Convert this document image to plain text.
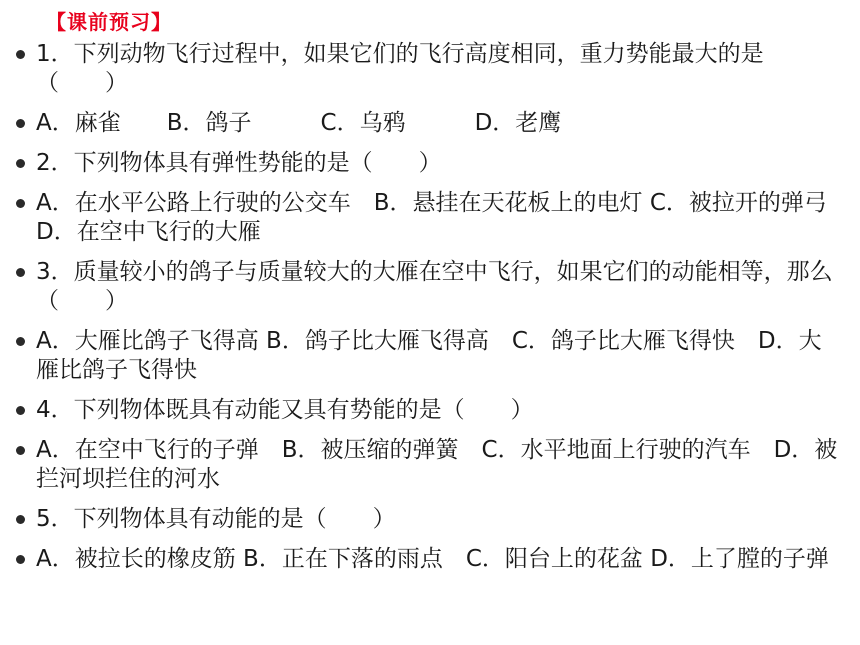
【课前预习】
1．下列动物飞行过程中，如果它们的飞行高度相同，重力势能最大的是（　　）
A．麻雀　　B．鸽子　　　C．乌鸦　　　D．老鹰
2．下列物体具有弹性势能的是（　　）
A．在水平公路上行驶的公交车　B．悬挂在天花板上的电灯 C．被拉开的弹弓 D．在空中飞行的大雁
3．质量较小的鸽子与质量较大的大雁在空中飞行，如果它们的动能相等，那么（　　）
A．大雁比鸽子飞得高 B．鸽子比大雁飞得高　C．鸽子比大雁飞得快　D．大雁比鸽子飞得快
4．下列物体既具有动能又具有势能的是（　　）
A．在空中飞行的子弹　B．被压缩的弹簧　C．水平地面上行驶的汽车　D．被拦河坝拦住的河水
5．下列物体具有动能的是（　　）
A．被拉长的橡皮筋 B．正在下落的雨点　C．阳台上的花盆 D．上了膛的子弹
